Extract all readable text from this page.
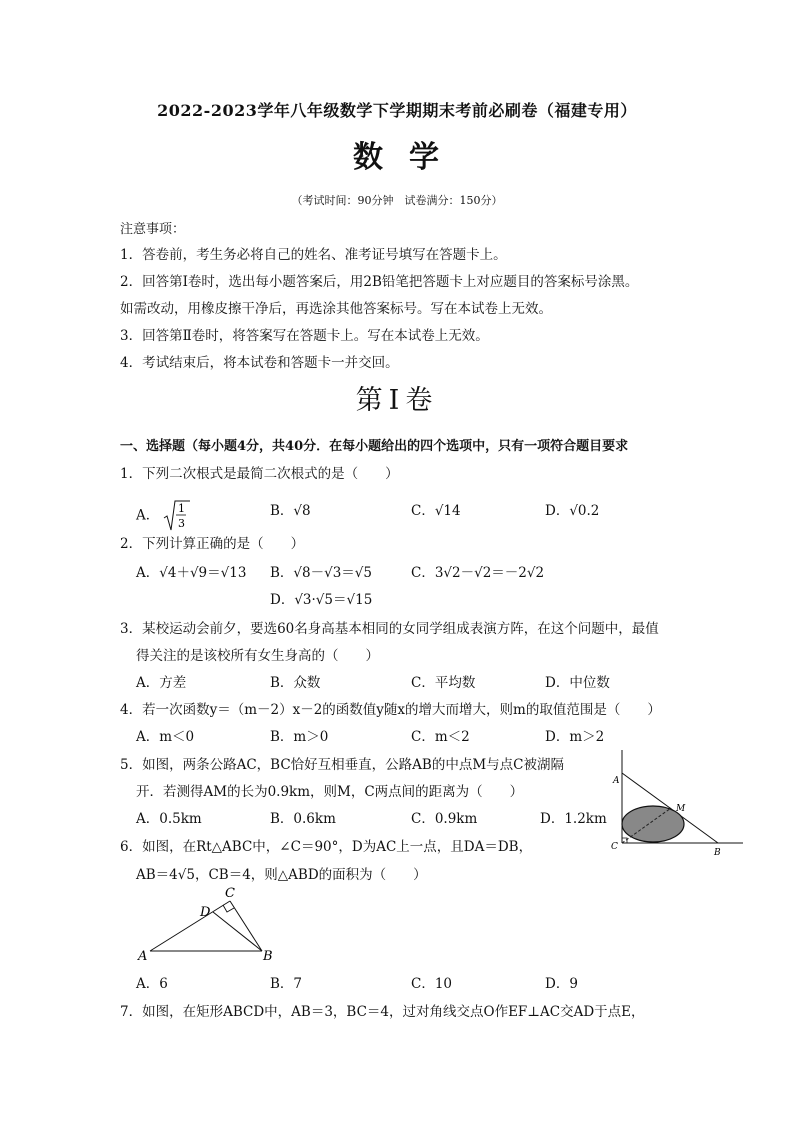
2022-2023学年八年级数学下学期期末考前必刷卷（福建专用）
数学
（考试时间：90分钟　试卷满分：150分）
注意事项：
1．答卷前，考生务必将自己的姓名、准考证号填写在答题卡上。
2．回答第Ⅰ卷时，选出每小题答案后，用2B铅笔把答题卡上对应题目的答案标号涂黑。
如需改动，用橡皮擦干净后，再选涂其他答案标号。写在本试卷上无效。
3．回答第Ⅱ卷时，将答案写在答题卡上。写在本试卷上无效。
4．考试结束后，将本试卷和答题卡一并交回。
第Ⅰ卷
一、选择题（每小题4分，共40分．在每小题给出的四个选项中，只有一项符合题目要求
1．下列二次根式是最简二次根式的是（　　）
A． 1
3
B．√8	C．√14	D．√0.2
2．下列计算正确的是（　　）
A．√4＋√9＝√13 B．√8－√3＝√5	C．3√2－√2＝－2√2
D．√3·√5＝√15
3．某校运动会前夕，要选60名身高基本相同的女同学组成表演方阵，在这个问题中，最值
得关注的是该校所有女生身高的（　　）
A．方差	B．众数	C．平均数	D．中位数
4．若一次函数y＝（m－2）x－2的函数值y随x的增大而增大，则m的取值范围是（　　）
A．m＜0	B．m＞0	C．m＜2	D．m＞2
5．如图，两条公路AC，BC恰好互相垂直，公路AB的中点M与点C被湖隔
开．若测得AM的长为0.9km，则M，C两点间的距离为（　　）
A．0.5km	B．0.6km	C．0.9km	D．1.2km
A
M
C
B
6．如图，在Rt△ABC中，∠C＝90°，D为AC上一点，且DA＝DB，
AB＝4√5，CB＝4，则△ABD的面积为（　　）
C
D
A	B
A．6	B．7	C．10	D．9
7．如图，在矩形ABCD中，AB＝3，BC＝4，过对角线交点O作EF⊥AC交AD于点E，
